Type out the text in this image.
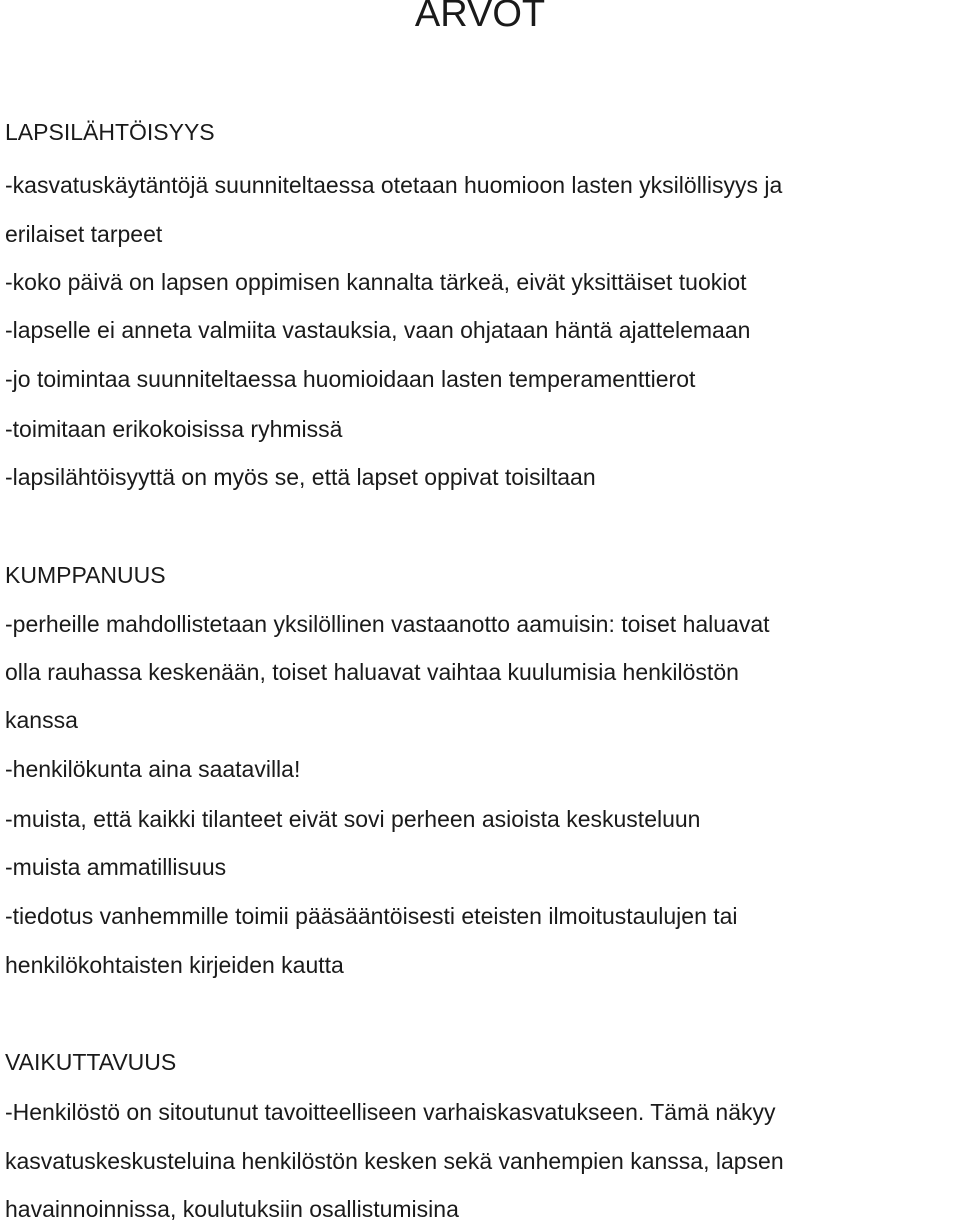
ARVOT
LAPSILÄHTÖISYYS
-kasvatuskäytäntöjä suunniteltaessa otetaan huomioon lasten yksilöllisyys ja
erilaiset tarpeet
-koko päivä on lapsen oppimisen kannalta tärkeä, eivät yksittäiset tuokiot
-lapselle ei anneta valmiita vastauksia, vaan ohjataan häntä ajattelemaan
-jo toimintaa suunniteltaessa huomioidaan lasten temperamenttierot
-toimitaan erikokoisissa ryhmissä
-lapsilähtöisyyttä on myös se, että lapset oppivat toisiltaan
KUMPPANUUS
-perheille mahdollistetaan yksilöllinen vastaanotto aamuisin: toiset haluavat
olla rauhassa keskenään, toiset haluavat vaihtaa kuulumisia henkilöstön
kanssa
-henkilökunta aina saatavilla!
-muista, että kaikki tilanteet eivät sovi perheen asioista keskusteluun
-muista ammatillisuus
-tiedotus vanhemmille toimii pääsääntöisesti eteisten ilmoitustaulujen tai
henkilökohtaisten kirjeiden kautta
VAIKUTTAVUUS
-Henkilöstö on sitoutunut tavoitteelliseen varhaiskasvatukseen. Tämä näkyy
kasvatuskeskusteluina henkilöstön kesken sekä vanhempien kanssa, lapsen
havainnoinnissa, koulutuksiin osallistumisina
